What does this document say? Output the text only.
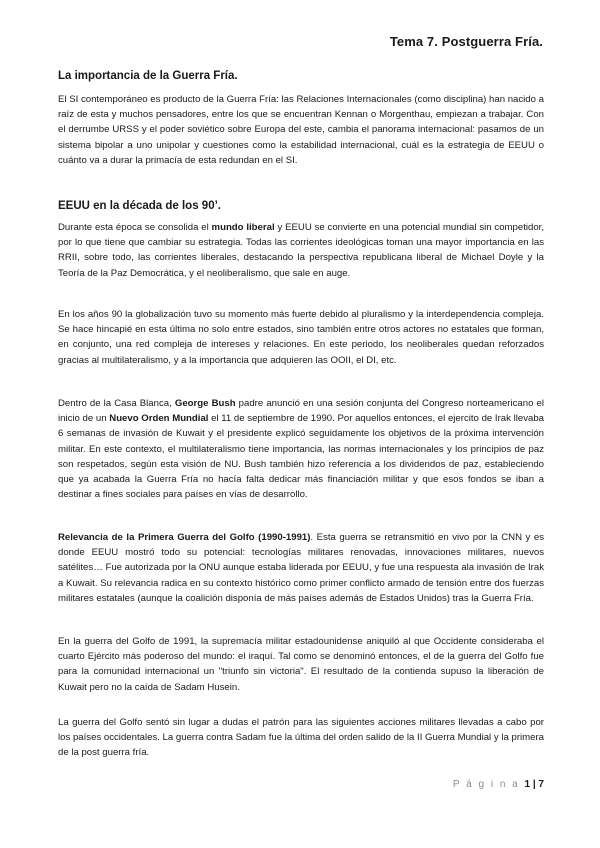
Tema 7. Postguerra Fría.
La importancia de la Guerra Fría.

El SI contemporáneo es producto de la Guerra Fría: las Relaciones Internacionales (como disciplina) han nacido a raíz de esta y muchos pensadores, entre los que se encuentran Kennan o Morgenthau, empiezan a trabajar. Con el derrumbe URSS y el poder soviético sobre Europa del este, cambia el panorama internacional: pasamos de un sistema bipolar a uno unipolar y cuestiones como la estabilidad internacional, cuál es la estrategia de EEUU o cuánto va a durar la primacía de esta redundan en el SI.

EEUU en la década de los 90’.

Durante esta época se consolida el mundo liberal y EEUU se convierte en una potencial mundial sin competidor, por lo que tiene que cambiar su estrategia. Todas las corrientes ideológicas toman una mayor importancia en las RRII, sobre todo, las corrientes liberales, destacando la perspectiva republicana liberal de Michael Doyle y la Teoría de la Paz Democrática, y el neoliberalismo, que sale en auge.

En los años 90 la globalización tuvo su momento más fuerte debido al pluralismo y la interdependencia compleja. Se hace hincapié en esta última no solo entre estados, sino también entre otros actores no estatales que forman, en conjunto, una red compleja de intereses y relaciones. En este periodo, los neoliberales quedan reforzados gracias al multilateralismo, y a la importancia que adquieren las OOII, el DI, etc.

Dentro de la Casa Blanca, George Bush padre anunció en una sesión conjunta del Congreso norteamericano el inicio de un Nuevo Orden Mundial el 11 de septiembre de 1990. Por aquellos entonces, el ejercito de Irak llevaba 6 semanas de invasión de Kuwait y el presidente explicó seguidamente los objetivos de la próxima intervención militar. En este contexto, el multilateralismo tiene importancia, las normas internacionales y los principios de paz son respetados, según esta visión de NU. Bush también hizo referencia a los dividendos de paz, estableciendo que ya acabada la Guerra Fría no hacía falta dedicar más financiación militar y que esos fondos se iban a destinar a fines sociales para países en vías de desarrollo.

Relevancia de la Primera Guerra del Golfo (1990-1991). Esta guerra se retransmitió en vivo por la CNN y es donde EEUU mostró todo su potencial: tecnologías militares renovadas, innovaciones militares, nuevos satélites… Fue autorizada por la ONU aunque estaba liderada por EEUU, y fue una respuesta ala invasión de Irak a Kuwait. Su relevancia radica en su contexto histórico como primer conflicto armado de tensión entre dos fuerzas militares estatales (aunque la coalición disponía de más países además de Estados Unidos) tras la Guerra Fría.

En la guerra del Golfo de 1991, la supremacía militar estadounidense aniquiló al que Occidente consideraba el cuarto Ejército más poderoso del mundo: el iraquí. Tal como se denominó entonces, el de la guerra del Golfo fue para la comunidad internacional un "triunfo sin victoria". El resultado de la contienda supuso la liberación de Kuwait pero no la caída de Sadam Husein.

La guerra del Golfo sentó sin lugar a dudas el patrón para las siguientes acciones militares llevadas a cabo por los países occidentales. La guerra contra Sadam fue la última del orden salido de la II Guerra Mundial y la primera de la post guerra fría.

P á g i n a 1 | 7
